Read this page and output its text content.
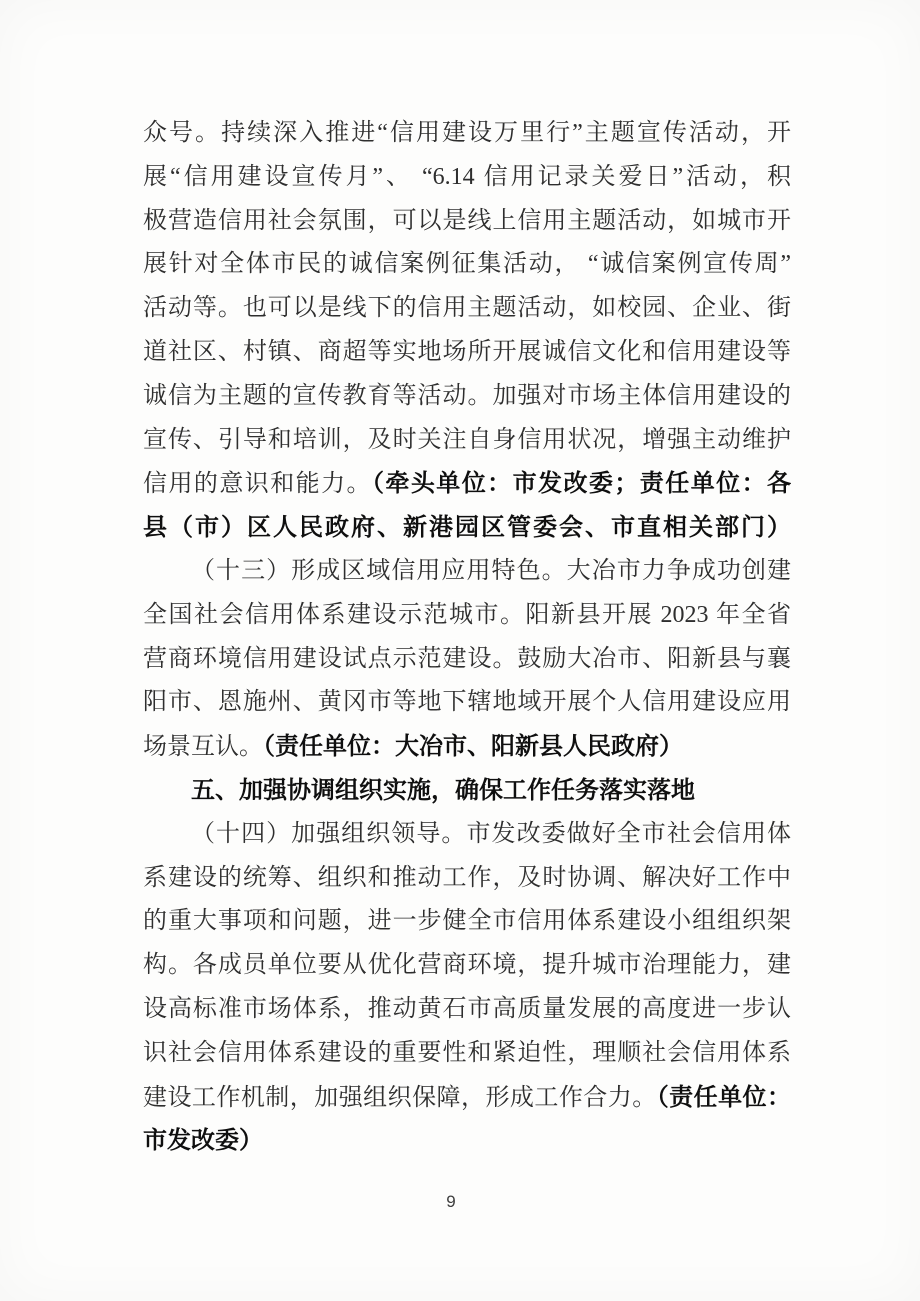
众号。持续深入推进“信用建设万里行”主题宣传活动，开
展“信用建设宣传月”、 “6.14 信用记录关爱日”活动，积
极营造信用社会氛围，可以是线上信用主题活动，如城市开
展针对全体市民的诚信案例征集活动， “诚信案例宣传周”
活动等。也可以是线下的信用主题活动，如校园、企业、街
道社区、村镇、商超等实地场所开展诚信文化和信用建设等
诚信为主题的宣传教育等活动。加强对市场主体信用建设的
宣传、引导和培训，及时关注自身信用状况，增强主动维护
信用的意识和能力。（牵头单位：市发改委；责任单位：各
县（市）区人民政府、新港园区管委会、市直相关部门）
（十三）形成区域信用应用特色。大冶市力争成功创建
全国社会信用体系建设示范城市。阳新县开展 2023 年全省
营商环境信用建设试点示范建设。鼓励大冶市、阳新县与襄
阳市、恩施州、黄冈市等地下辖地域开展个人信用建设应用
场景互认。（责任单位：大冶市、阳新县人民政府）
五、加强协调组织实施，确保工作任务落实落地
（十四）加强组织领导。市发改委做好全市社会信用体
系建设的统筹、组织和推动工作，及时协调、解决好工作中
的重大事项和问题，进一步健全市信用体系建设小组组织架
构。各成员单位要从优化营商环境，提升城市治理能力，建
设高标准市场体系，推动黄石市高质量发展的高度进一步认
识社会信用体系建设的重要性和紧迫性，理顺社会信用体系
建设工作机制，加强组织保障，形成工作合力。（责任单位：
市发改委）
9
